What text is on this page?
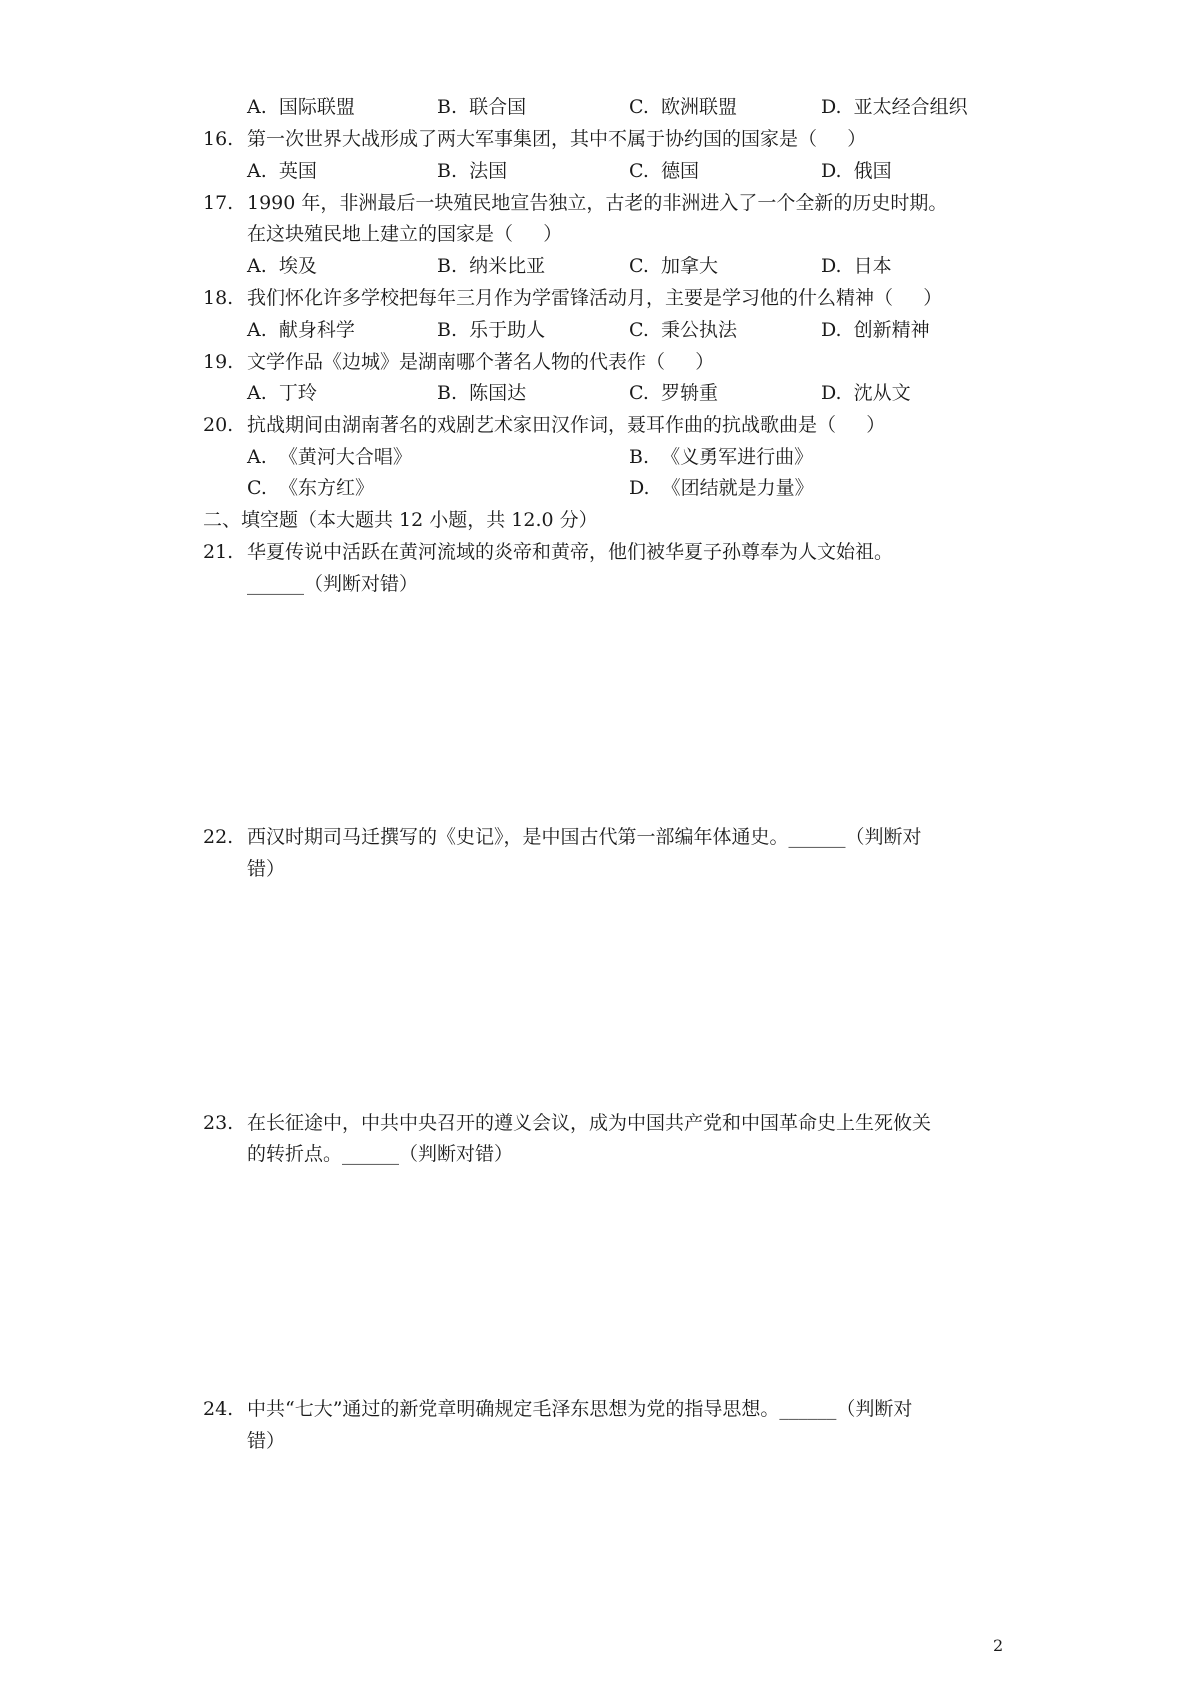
A.  国际联盟	B.  联合国	C.  欧洲联盟	D.  亚太经合组织
16. 第一次世界大战形成了两大军事集团，其中不属于协约国的国家是（     ）
A.  英国	B.  法国	C.  德国	D.  俄国
17. 1990 年，非洲最后一块殖民地宣告独立，古老的非洲进入了一个全新的历史时期。
在这块殖民地上建立的国家是（     ）
A.  埃及	B.  纳米比亚	C.  加拿大	D.  日本
18. 我们怀化许多学校把每年三月作为学雷锋活动月，主要是学习他的什么精神（     ）
A.  献身科学	B.  乐于助人	C.  秉公执法	D.  创新精神
19. 文学作品《边城》是湖南哪个著名人物的代表作（     ）
A.  丁玲	B.  陈国达	C.  罗辀重	D.  沈从文
20. 抗战期间由湖南著名的戏剧艺术家田汉作词，聂耳作曲的抗战歌曲是（     ）
A.  《黄河大合唱》	B.  《义勇军进行曲》
C.  《东方红》	D.  《团结就是力量》
二、填空题（本大题共 12 小题，共 12.0 分）
21. 华夏传说中活跃在黄河流域的炎帝和黄帝，他们被华夏子孙尊奉为人文始祖。
______（判断对错）
22. 西汉时期司马迁撰写的《史记》，是中国古代第一部编年体通史。______（判断对
错）
23. 在长征途中，中共中央召开的遵义会议，成为中国共产党和中国革命史上生死攸关
的转折点。______（判断对错）
24. 中共“七大”通过的新党章明确规定毛泽东思想为党的指导思想。______（判断对
错）
2
